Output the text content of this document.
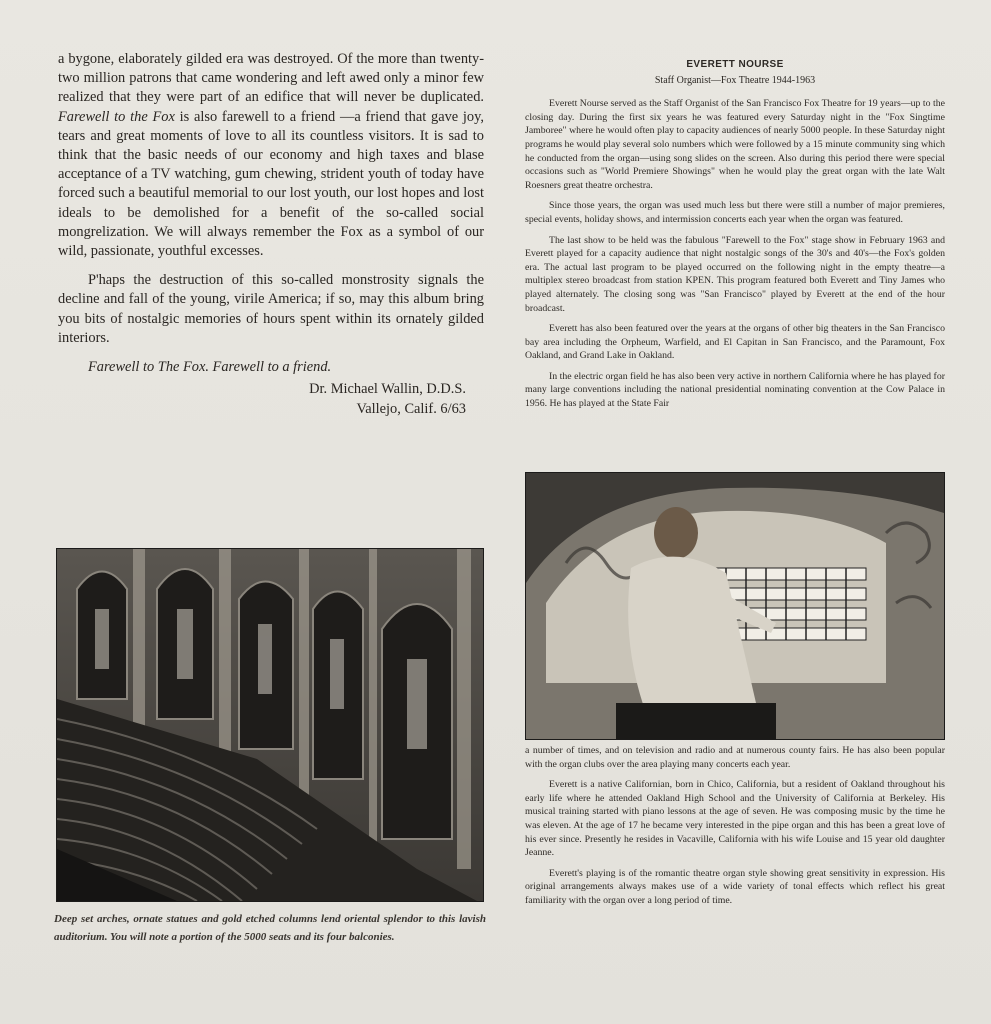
a bygone, elaborately gilded era was destroyed. Of the more than twenty-two million patrons that came wondering and left awed only a minor few realized that they were part of an edifice that will never be duplicated. Farewell to the Fox is also farewell to a friend —a friend that gave joy, tears and great moments of love to all its countless visitors. It is sad to think that the basic needs of our economy and high taxes and blase acceptance of a TV watching, gum chewing, strident youth of today have forced such a beautiful memorial to our lost youth, our lost hopes and lost ideals to be demolished for a benefit of the so-called social mongrelization. We will always remember the Fox as a symbol of our wild, passionate, youthful excesses.

P'haps the destruction of this so-called monstrosity signals the decline and fall of the young, virile America; if so, may this album bring you bits of nostalgic memories of hours spent within its ornately gilded interiors.

Farewell to The Fox. Farewell to a friend.
Dr. Michael Wallin, D.D.S.
Vallejo, Calif. 6/63
Deep set arches, ornate statues and gold etched columns lend oriental splendor to this lavish auditorium. You will note a portion of the 5000 seats and its four balconies.
EVERETT NOURSE
Staff Organist—Fox Theatre 1944-1963

Everett Nourse served as the Staff Organist of the San Francisco Fox Theatre for 19 years—up to the closing day. During the first six years he was featured every Saturday night in the "Fox Singtime Jamboree" where he would often play to capacity audiences of nearly 5000 people. In these Saturday night programs he would play several solo numbers which were followed by a 15 minute community sing which he conducted from the organ—using song slides on the screen. Also during this period there were special occasions such as "World Premiere Showings" when he would play the great organ with the late Walt Roesners great theatre orchestra.

Since those years, the organ was used much less but there were still a number of major premieres, special events, holiday shows, and intermission concerts each year when the organ was featured.

The last show to be held was the fabulous "Farewell to the Fox" stage show in February 1963 and Everett played for a capacity audience that night nostalgic songs of the 30's and 40's—the Fox's golden era. The actual last program to be played occurred on the following night in the empty theatre—a multiplex stereo broadcast from station KPEN. This program featured both Everett and Tiny James who played alternately. The closing song was "San Francisco" played by Everett at the end of the hour broadcast.

Everett has also been featured over the years at the organs of other big theaters in the San Francisco bay area including the Orpheum, Warfield, and El Capitan in San Francisco, and the Paramount, Fox Oakland, and Grand Lake in Oakland.

In the electric organ field he has also been very active in northern California where he has played for many large conventions including the national presidential nominating convention at the Cow Palace in 1956. He has played at the State Fair

a number of times, and on television and radio and at numerous county fairs. He has also been popular with the organ clubs over the area playing many concerts each year.

Everett is a native Californian, born in Chico, California, but a resident of Oakland throughout his early life where he attended Oakland High School and the University of California at Berkeley. His musical training started with piano lessons at the age of seven. He was composing music by the time he was eleven. At the age of 17 he became very interested in the pipe organ and this has been a great love of his ever since. Presently he resides in Vacaville, California with his wife Louise and 15 year old daughter Jeanne.

Everett's playing is of the romantic theatre organ style showing great sensitivity in expression. His original arrangements always makes use of a wide variety of tonal effects which reflect his great familiarity with the organ over a long period of time.
